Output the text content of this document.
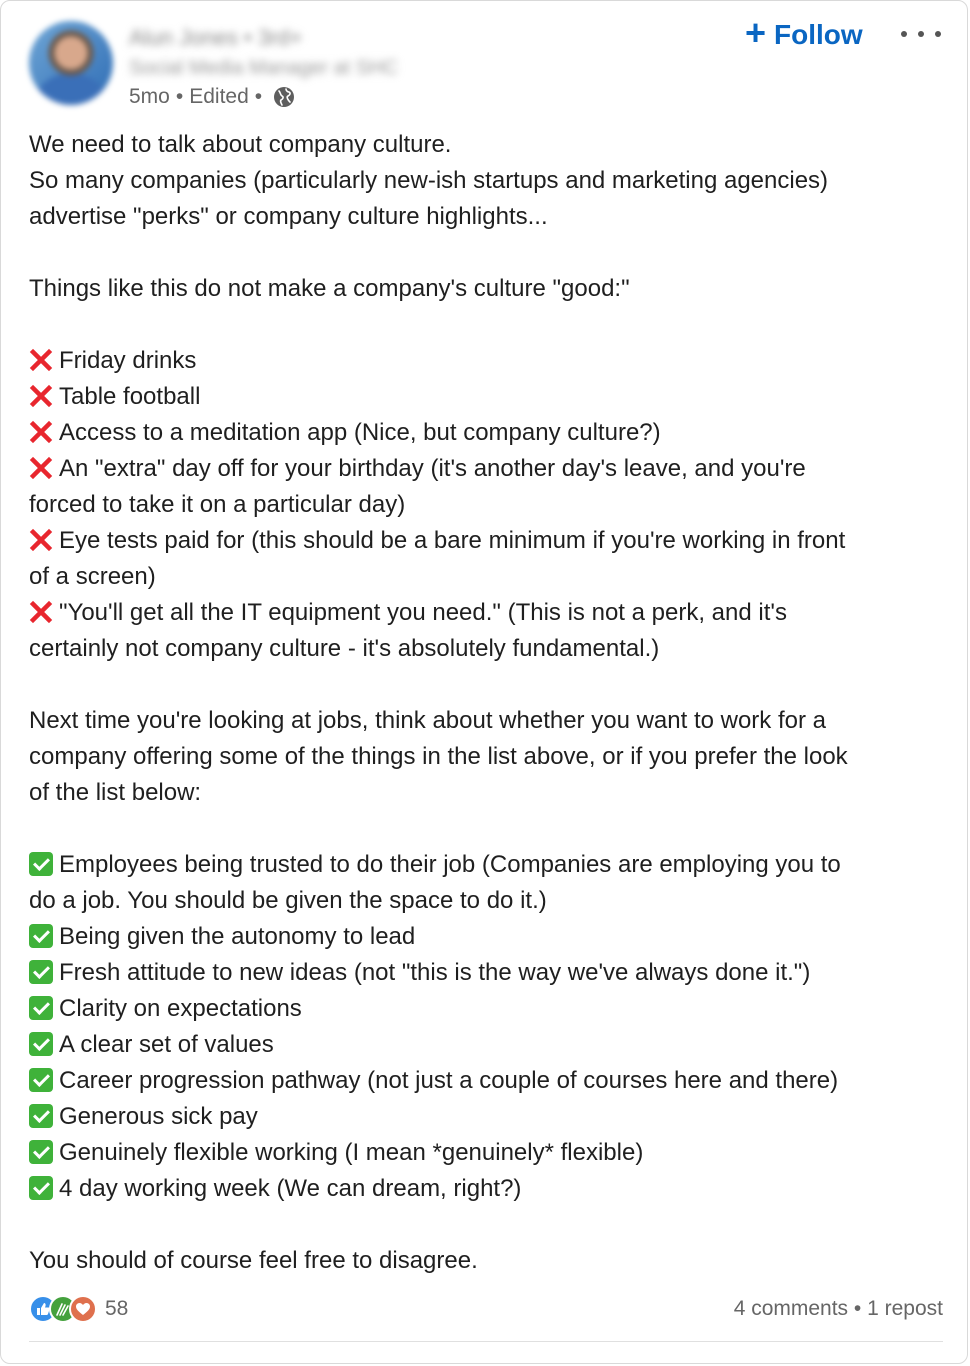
Alun Jones • 3rd+
Social Media Manager at SHC
5mo • Edited •
+ Follow
We need to talk about company culture.
So many companies (particularly new-ish startups and marketing agencies)
advertise "perks" or company culture highlights...
Things like this do not make a company's culture "good:"
Friday drinks
Table football
Access to a meditation app (Nice, but company culture?)
An "extra" day off for your birthday (it's another day's leave, and you're
forced to take it on a particular day)
Eye tests paid for (this should be a bare minimum if you're working in front
of a screen)
"You'll get all the IT equipment you need." (This is not a perk, and it's
certainly not company culture - it's absolutely fundamental.)
Next time you're looking at jobs, think about whether you want to work for a
company offering some of the things in the list above, or if you prefer the look
of the list below:
Employees being trusted to do their job (Companies are employing you to
do a job. You should be given the space to do it.)
Being given the autonomy to lead
Fresh attitude to new ideas (not "this is the way we've always done it.")
Clarity on expectations
A clear set of values
Career progression pathway (not just a couple of courses here and there)
Generous sick pay
Genuinely flexible working (I mean *genuinely* flexible)
4 day working week (We can dream, right?)
You should of course feel free to disagree.
58	4 comments • 1 repost
